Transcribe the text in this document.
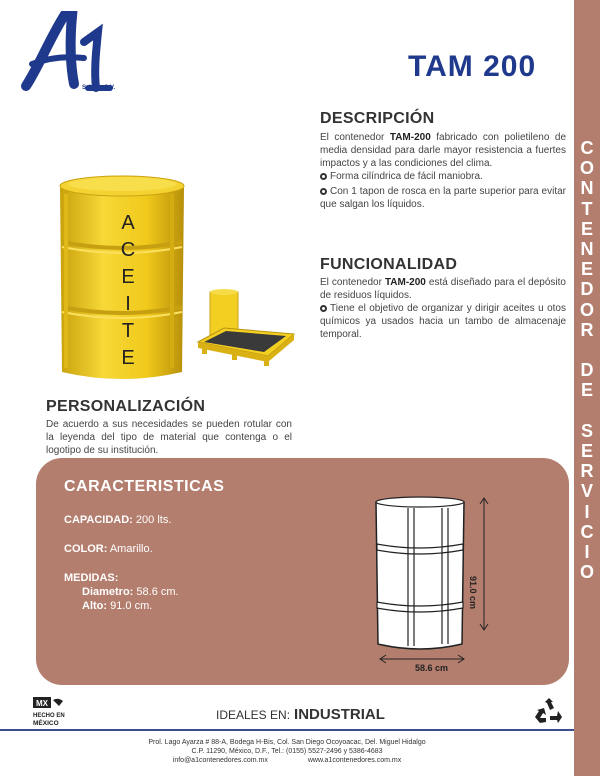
C
O
N
T
E
N
E
D
O
R
D
E
S
E
R
V
I
C
I
O
S.A. de C.V.
TAM 200
DESCRIPCIÓN
El contenedor TAM-200 fabricado con polietileno de media densidad para darle mayor resistencia a fuertes impactos y a las condiciones del clima.
Forma cilíndrica de fácil maniobra.
Con 1 tapon de rosca en la parte superior para evitar que salgan los líquidos.
FUNCIONALIDAD
El contenedor TAM-200 está diseñado para el depósito de residuos líquidos.
Tiene el objetivo de organizar y dirigir aceites u otos químicos ya usados hacia un tambo de almacenaje temporal.
A
C
E
I
T
E
PERSONALIZACIÓN
De acuerdo a sus necesidades se pueden rotular con la leyenda del tipo de material que contenga o el logotipo de su institución.
CARACTERISTICAS
CAPACIDAD: 200 lts.
COLOR: Amarillo.
MEDIDAS:
Diametro: 58.6 cm.
Alto: 91.0 cm.	91.0 cm
58.6 cm
MX
HECHO EN
MÉXICO
IDEALES EN: INDUSTRIAL
Prol. Lago Ayarza # 88-A, Bodega H-Bis, Col. San Diego Ocoyoacac, Del. Miguel Hidalgo
C.P. 11290, México, D.F., Tel.: (0155) 5527-2496 y 5386-4683
info@a1contenedores.com.mx	www.a1contenedores.com.mx
